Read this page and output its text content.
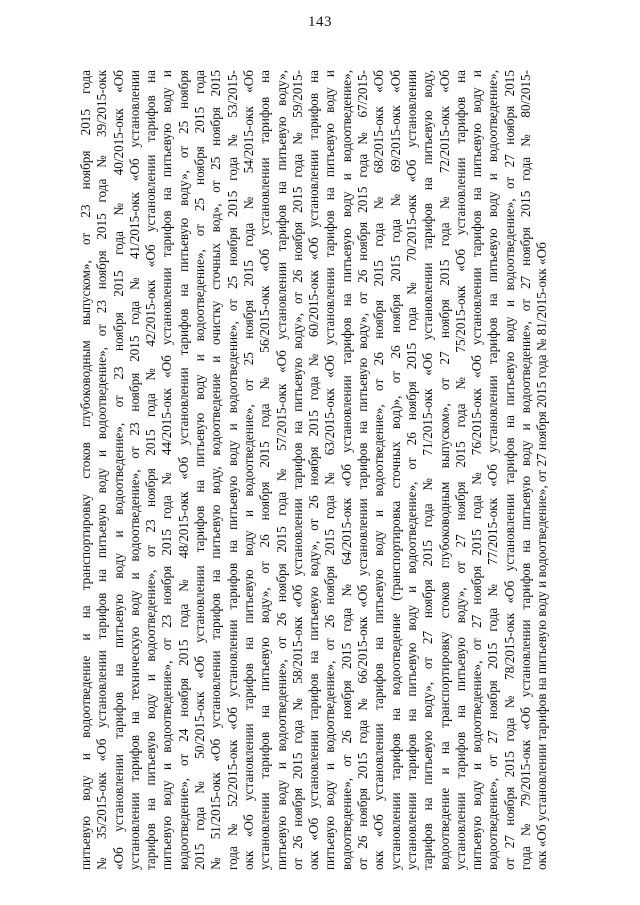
143
питьевую воду и водоотведение и на транспортировку стоков глубоководным выпуском», от 23 ноября 2015 года № 35/2015-окк «Об установлении тарифов на питьевую воду и водоотведение», от 23 ноября 2015 года № 39/2015-окк «Об установлении тарифов на питьевую воду и водоотведение», от 23 ноября 2015 года № 40/2015-окк «Об установлении тарифов на техническую воду и водоотведение», от 23 ноября 2015 года № 41/2015-окк «Об установлении тарифов на питьевую воду и водоотведение», от 23 ноября 2015 года № 42/2015-окк «Об установлении тарифов на питьевую воду и водоотведение», от 23 ноября 2015 года № 44/2015-окк «Об установлении тарифов на питьевую воду и водоотведение», от 24 ноября 2015 года № 48/2015-окк «Об установлении тарифов на питьевую воду», от 25 ноября 2015 года № 50/2015-окк «Об установлении тарифов на питьевую воду и водоотведение», от 25 ноября 2015 года № 51/2015-окк «Об установлении тарифов на питьевую воду, водоотведение и очистку сточных вод», от 25 ноября 2015 года № 52/2015-окк «Об установлении тарифов на питьевую воду и водоотведение», от 25 ноября 2015 года № 53/2015- окк «Об установлении тарифов на питьевую воду и водоотведение», от 25 ноября 2015 года № 54/2015-окк «Об установлении тарифов на питьевую воду», от 26 ноября 2015 года № 56/2015-окк «Об установлении тарифов на питьевую воду и водоотведение», от 26 ноября 2015 года № 57/2015-окк «Об установлении тарифов на питьевую воду», от 26 ноября 2015 года № 58/2015-окк «Об установлении тарифов на питьевую воду», от 26 ноября 2015 года № 59/2015- окк «Об установлении тарифов на питьевую воду», от 26 ноября 2015 года № 60/2015-окк «Об установлении тарифов на питьевую воду и водоотведение», от 26 ноября 2015 года № 63/2015-окк «Об установлении тарифов на питьевую воду и водоотведение», от 26 ноября 2015 года № 64/2015-окк «Об установлении тарифов на питьевую воду и водоотведение», от 26 ноября 2015 года № 66/2015-окк «Об установлении тарифов на питьевую воду», от 26 ноября 2015 года № 67/2015- окк «Об установлении тарифов на питьевую воду и водоотведение», от 26 ноября 2015 года № 68/2015-окк «Об установлении тарифов на водоотведение (транспортировка сточных вод)», от 26 ноября 2015 года № 69/2015-окк «Об установлении тарифов на питьевую воду и водоотведение», от 26 ноября 2015 года № 70/2015-окк «Об установлении тарифов на питьевую воду», от 27 ноября 2015 года № 71/2015-окк «Об установлении тарифов на питьевую воду, водоотведение и на транспортировку стоков глубоководным выпуском», от 27 ноября 2015 года № 72/2015-окк «Об установлении тарифов на питьевую воду», от 27 ноября 2015 года № 75/2015-окк «Об установлении тарифов на питьевую воду и водоотведение», от 27 ноября 2015 года № 76/2015-окк «Об установлении тарифов на питьевую воду и водоотведение», от 27 ноября 2015 года № 77/2015-окк «Об установлении тарифов на питьевую воду и водоотведение», от 27 ноября 2015 года № 78/2015-окк «Об установлении тарифов на питьевую воду и водоотведение», от 27 ноября 2015 года № 79/2015-окк «Об установлении тарифов на питьевую воду и водоотведение», от 27 ноября 2015 года № 80/2015- окк «Об установлении тарифов на питьевую воду и водоотведение», от 27 ноября 2015 года № 81/2015-окк «Об
